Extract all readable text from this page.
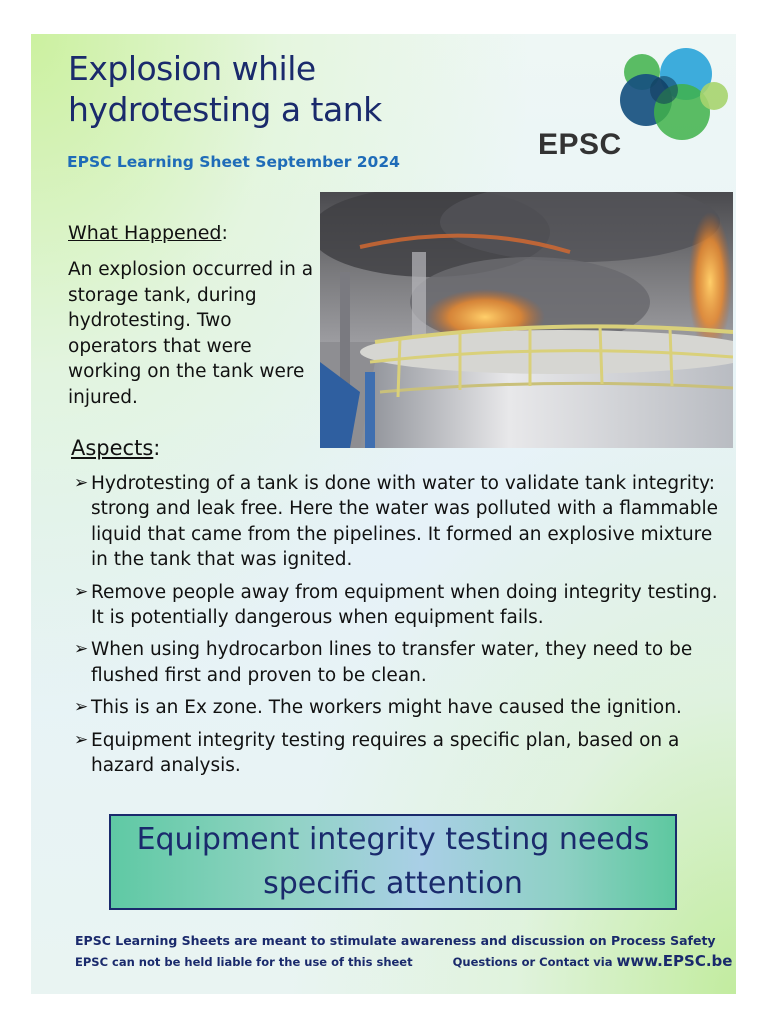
Explosion while hydrotesting a tank
EPSC Learning Sheet September 2024
EPSC
What Happened:

An explosion occurred in a storage tank, during hydrotesting. Two operators that were working on the tank were injured.

Aspects:
➢ Hydrotesting of a tank is done with water to validate tank integrity: strong and leak free. Here the water was polluted with a flammable liquid that came from the pipelines. It formed an explosive mixture in the tank that was ignited.
➢ Remove people away from equipment when doing integrity testing. It is potentially dangerous when equipment fails.
➢ When using hydrocarbon lines to transfer water, they need to be flushed first and proven to be clean.
➢ This is an Ex zone. The workers might have caused the ignition.
➢ Equipment integrity testing requires a specific plan, based on a hazard analysis.
Equipment integrity testing needs specific attention
EPSC Learning Sheets are meant to stimulate awareness and discussion on Process Safety
EPSC can not be held liable for the use of this sheet	Questions or Contact via www.EPSC.be
